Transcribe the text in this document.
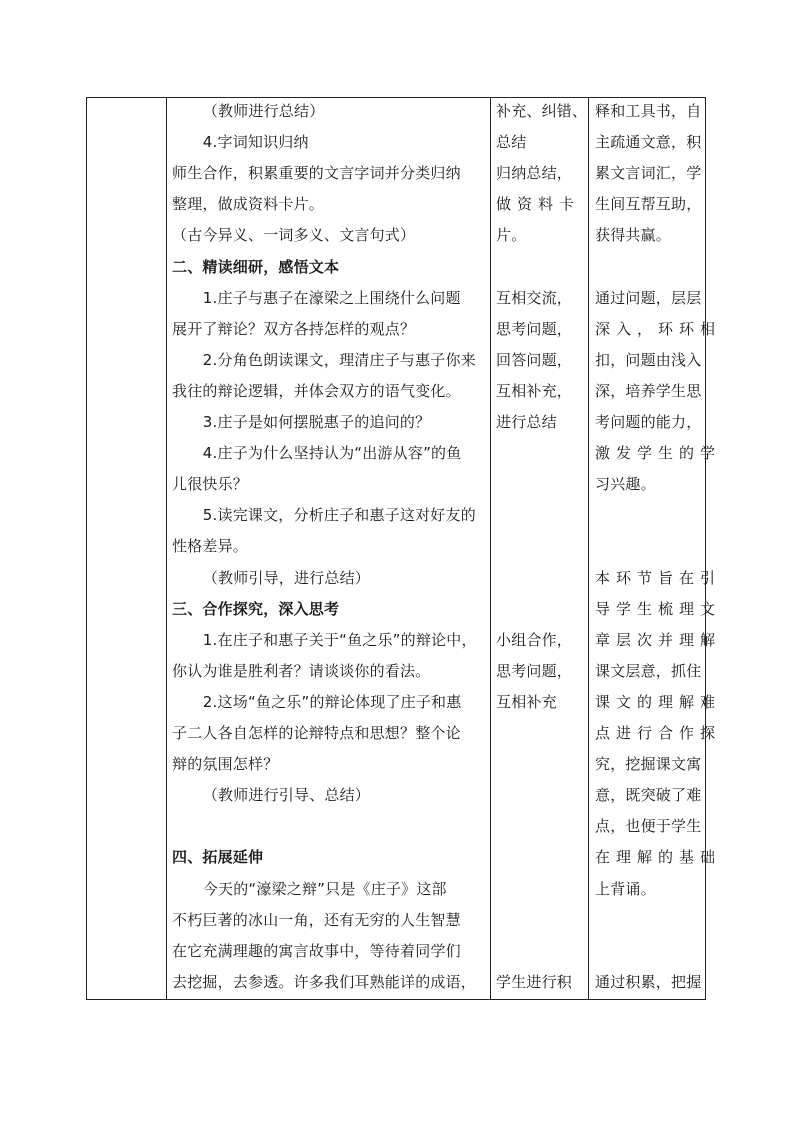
（教师进行总结）
4.字词知识归纳
师生合作，积累重要的文言字词并分类归纳
整理，做成资料卡片。
（古今异义、一词多义、文言句式）
二、精读细研，感悟文本
1.庄子与惠子在濠梁之上围绕什么问题
展开了辩论？双方各持怎样的观点？
2.分角色朗读课文，理清庄子与惠子你来
我往的辩论逻辑，并体会双方的语气变化。
3.庄子是如何摆脱惠子的追问的？
4.庄子为什么坚持认为“出游从容”的鱼
儿很快乐？
5.读完课文，分析庄子和惠子这对好友的
性格差异。
（教师引导，进行总结）
三、合作探究，深入思考
1.在庄子和惠子关于“鱼之乐”的辩论中，
你认为谁是胜利者？请谈谈你的看法。
2.这场“鱼之乐”的辩论体现了庄子和惠
子二人各自怎样的论辩特点和思想？整个论
辩的氛围怎样？
（教师进行引导、总结）
四、拓展延伸
今天的“濠梁之辩”只是《庄子》这部
不朽巨著的冰山一角，还有无穷的人生智慧
在它充满理趣的寓言故事中，等待着同学们
去挖掘，去参透。许多我们耳熟能详的成语，
补充、纠错、
总结
归纳总结，
做资料卡
片。
互相交流，
思考问题，
回答问题，
互相补充，
进行总结
小组合作，
思考问题，
互相补充
学生进行积
释和工具书，自
主疏通文意，积
累文言词汇，学
生间互帮互助，
获得共赢。
通过问题，层层
深入，环环相
扣，问题由浅入
深，培养学生思
考问题的能力，
激发学生的学
习兴趣。
本环节旨在引
导学生梳理文
章层次并理解
课文层意，抓住
课文的理解难
点进行合作探
究，挖掘课文寓
意，既突破了难
点，也便于学生
在理解的基础
上背诵。
通过积累，把握
